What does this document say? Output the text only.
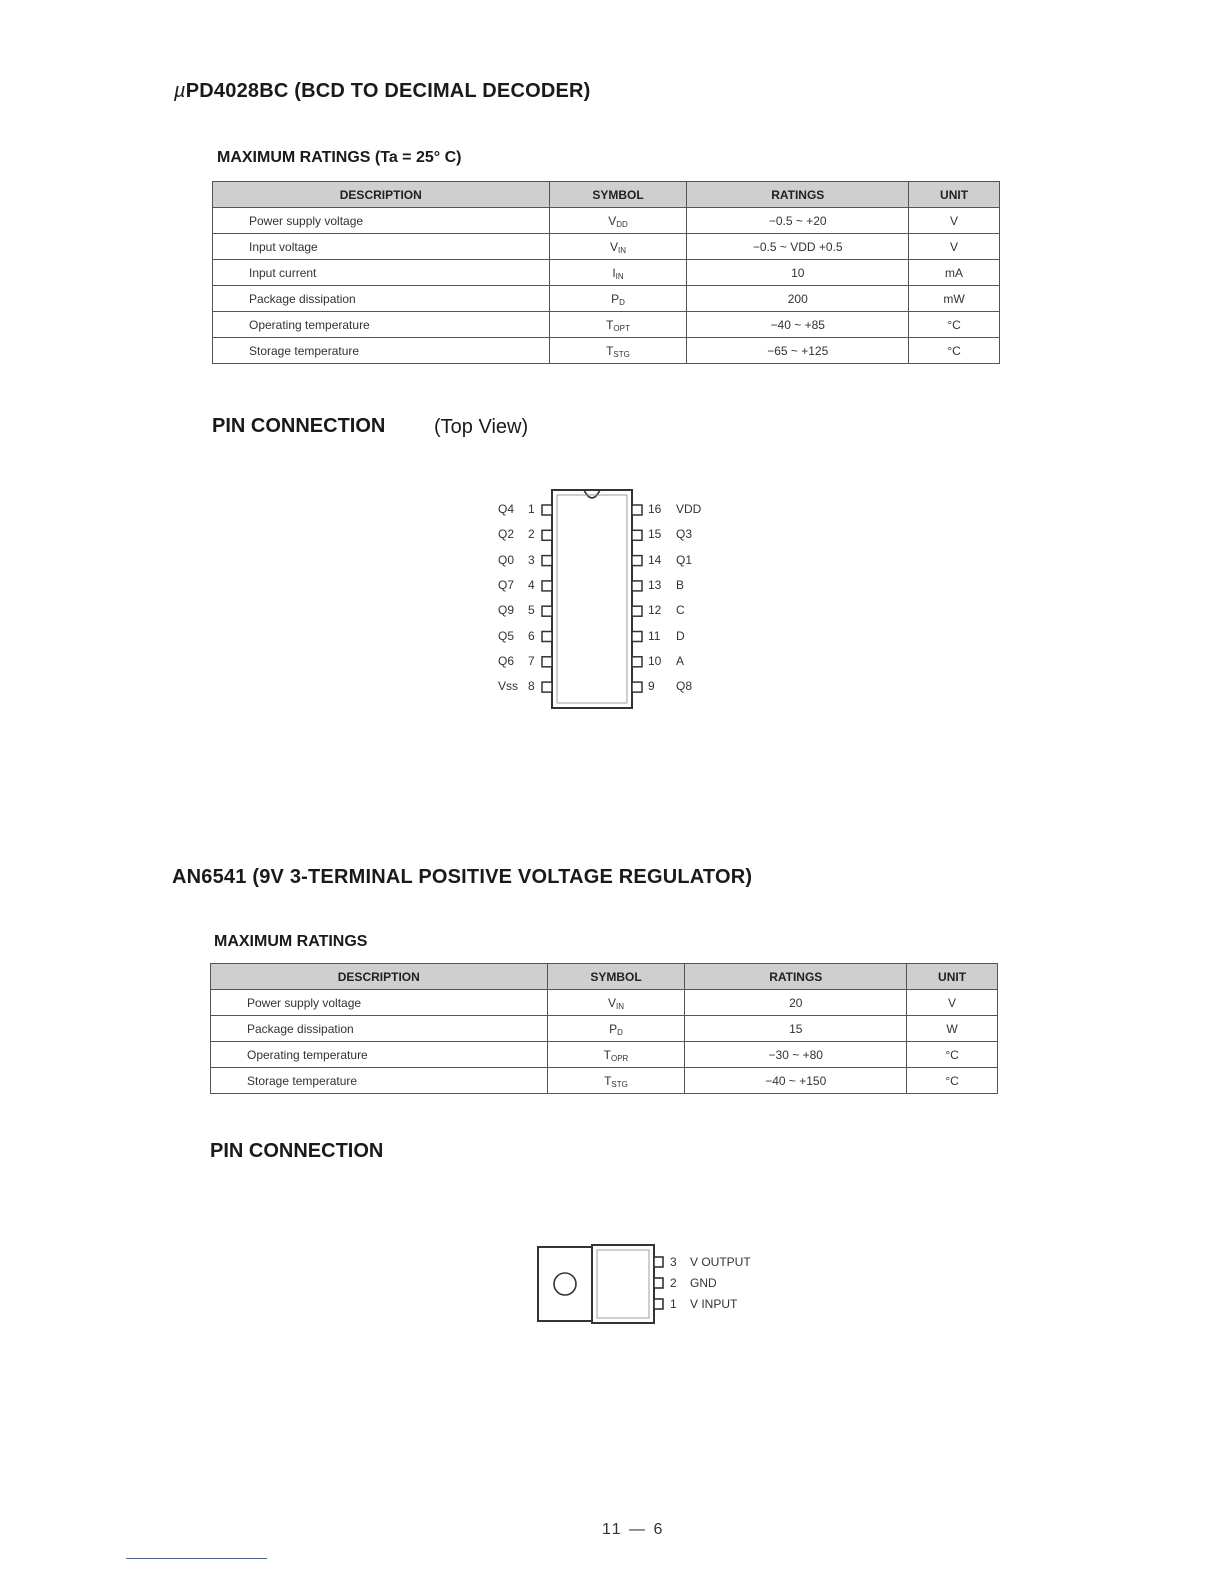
µPD4028BC (BCD TO DECIMAL DECODER)
MAXIMUM RATINGS (Ta = 25° C)
DESCRIPTION	SYMBOL	RATINGS	UNIT
Power supply voltage	$V_{DD}$	−0.5 ~ +20	V
Input voltage	$V_{IN}$	−0.5 ~ VDD +0.5	V
Input current	$I_{IN}$	10	mA
Package dissipation	$P_D$	200	mW
Operating temperature	$T_{OPT}$	−40 ~ +85	°C
Storage temperature	$T_{STG}$	−65 ~ +125	°C
PIN CONNECTION (Top View)
Q4 1
Q2 2
Q0 3
Q7 4
Q9 5
Q5 6
Q6 7
Vss 8
16 VDD
15 Q3
14 Q1
13 B
12 C
11 D
10 A
9 Q8
AN6541 (9V 3-TERMINAL POSITIVE VOLTAGE REGULATOR)
MAXIMUM RATINGS
DESCRIPTION	SYMBOL	RATINGS	UNIT
Power supply voltage	$V_{IN}$	20	V
Package dissipation	$P_D$	15	W
Operating temperature	$T_{OPR}$	−30 ~ +80	°C
Storage temperature	$T_{STG}$	−40 ~ +150	°C
PIN CONNECTION
3 V OUTPUT
2 GND
1 V INPUT
11 — 6
